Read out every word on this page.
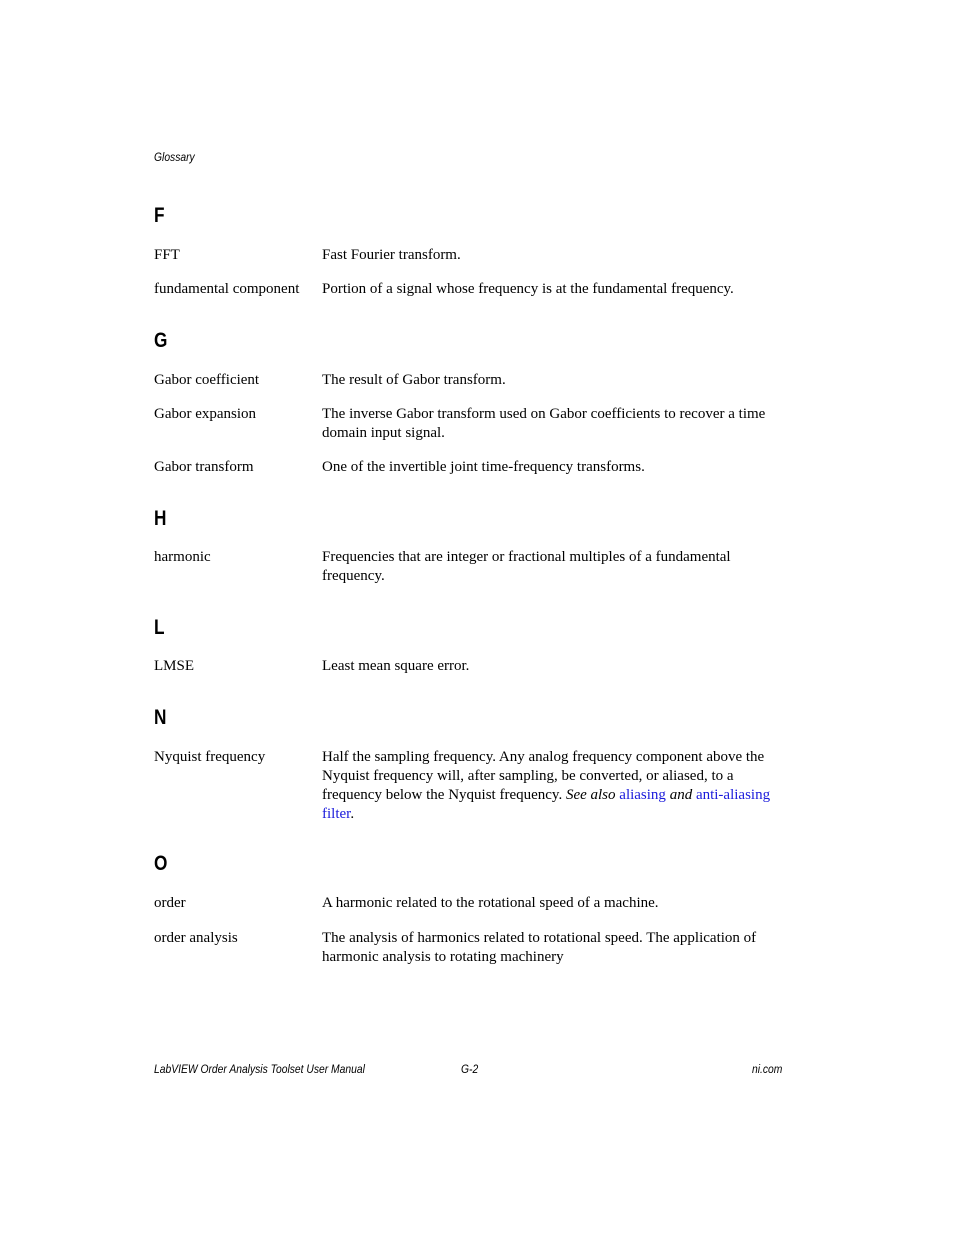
Glossary
F
FFT	Fast Fourier transform.
fundamental component	Portion of a signal whose frequency is at the fundamental frequency.
G
Gabor coefficient	The result of Gabor transform.
Gabor expansion	The inverse Gabor transform used on Gabor coefficients to recover a time domain input signal.
Gabor transform	One of the invertible joint time-frequency transforms.
H
harmonic	Frequencies that are integer or fractional multiples of a fundamental frequency.
L
LMSE	Least mean square error.
N
Nyquist frequency	Half the sampling frequency. Any analog frequency component above the Nyquist frequency will, after sampling, be converted, or aliased, to a frequency below the Nyquist frequency. See also aliasing and anti-aliasing filter.
O
order	A harmonic related to the rotational speed of a machine.
order analysis	The analysis of harmonics related to rotational speed. The application of harmonic analysis to rotating machinery
LabVIEW Order Analysis Toolset User Manual	G-2	ni.com
